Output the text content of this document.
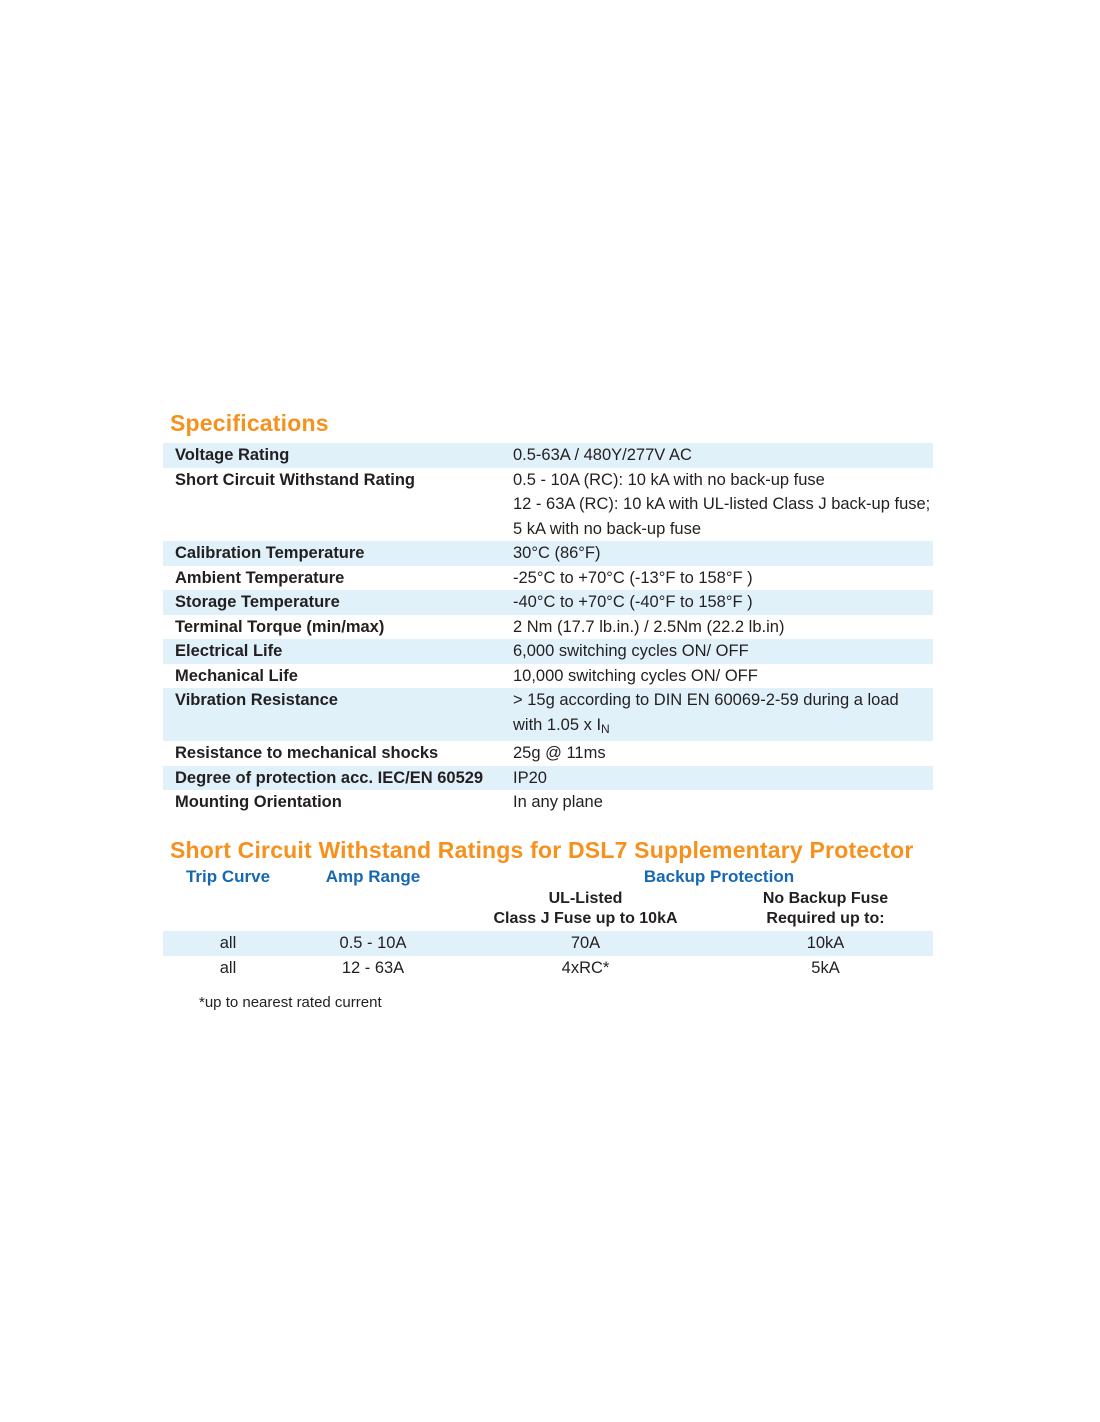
Specifications
Voltage Rating	0.5-63A / 480Y/277V AC
Short Circuit Withstand Rating	0.5 - 10A (RC): 10 kA with no back-up fuse
12 - 63A (RC): 10 kA with UL-listed Class J back-up fuse;
5 kA with no back-up fuse
Calibration Temperature	30°C (86°F)
Ambient Temperature	-25°C to +70°C (-13°F to 158°F )
Storage Temperature	-40°C to +70°C (-40°F to 158°F )
Terminal Torque (min/max)	2 Nm (17.7 lb.in.) / 2.5Nm (22.2 lb.in)
Electrical Life	6,000 switching cycles ON/ OFF
Mechanical Life	10,000 switching cycles ON/ OFF
Vibration Resistance	> 15g according to DIN EN 60069-2-59 during a load
with 1.05 x IN
Resistance to mechanical shocks	25g @ 11ms
Degree of protection acc. IEC/EN 60529	IP20
Mounting Orientation	In any plane
Short Circuit Withstand Ratings for DSL7 Supplementary Protector
Trip Curve	Amp Range	Backup Protection
UL-Listed
Class J Fuse up to 10kA
No Backup Fuse
Required up to:
all	0.5 - 10A	70A	10kA
all	12 - 63A	4xRC*	5kA
*up to nearest rated current
